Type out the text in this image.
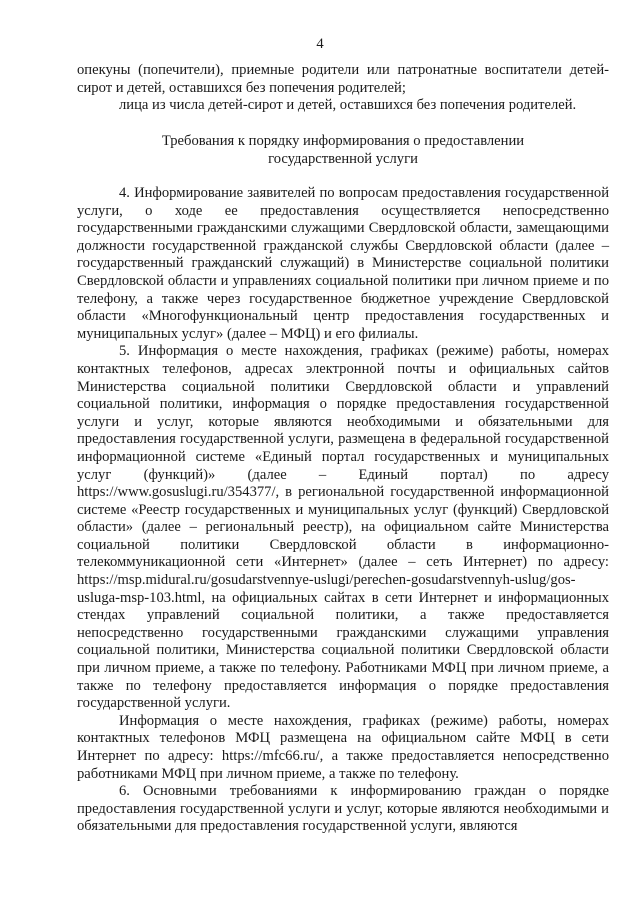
4

опекуны (попечители), приемные родители или патронатные воспитатели детей-сирот и детей, оставшихся без попечения родителей;

лица из числа детей-сирот и детей, оставшихся без попечения родителей.

Требования к порядку информирования о предоставлении
государственной услуги

4. Информирование заявителей по вопросам предоставления государственной услуги, о ходе ее предоставления осуществляется непосредственно государственными гражданскими служащими Свердловской области, замещающими должности государственной гражданской службы Свердловской области (далее – государственный гражданский служащий) в Министерстве социальной политики Свердловской области и управлениях социальной политики при личном приеме и по телефону, а также через государственное бюджетное учреждение Свердловской области «Многофункциональный центр предоставления государственных и муниципальных услуг» (далее – МФЦ) и его филиалы.

5. Информация о месте нахождения, графиках (режиме) работы, номерах контактных телефонов, адресах электронной почты и официальных сайтов Министерства социальной политики Свердловской области и управлений социальной политики, информация о порядке предоставления государственной услуги и услуг, которые являются необходимыми и обязательными для предоставления государственной услуги, размещена в федеральной государственной информационной системе «Единый портал государственных и муниципальных услуг (функций)» (далее – Единый портал) по адресу https://www.gosuslugi.ru/354377/, в региональной государственной информационной системе «Реестр государственных и муниципальных услуг (функций) Свердловской области» (далее – региональный реестр), на официальном сайте Министерства социальной политики Свердловской области в информационно-телекоммуникационной сети «Интернет» (далее – сеть Интернет) по адресу: https://msp.midural.ru/gosudarstvennye-uslugi/perechen-gosudarstvennyh-uslug/gos-usluga-msp-103.html, на официальных сайтах в сети Интернет и информационных стендах управлений социальной политики, а также предоставляется непосредственно государственными гражданскими служащими управления социальной политики, Министерства социальной политики Свердловской области при личном приеме, а также по телефону. Работниками МФЦ при личном приеме, а также по телефону предоставляется информация о порядке предоставления государственной услуги.

Информация о месте нахождения, графиках (режиме) работы, номерах контактных телефонов МФЦ размещена на официальном сайте МФЦ в сети Интернет по адресу: https://mfc66.ru/, а также предоставляется непосредственно работниками МФЦ при личном приеме, а также по телефону.

6. Основными требованиями к информированию граждан о порядке предоставления государственной услуги и услуг, которые являются необходимыми и обязательными для предоставления государственной услуги, являются
